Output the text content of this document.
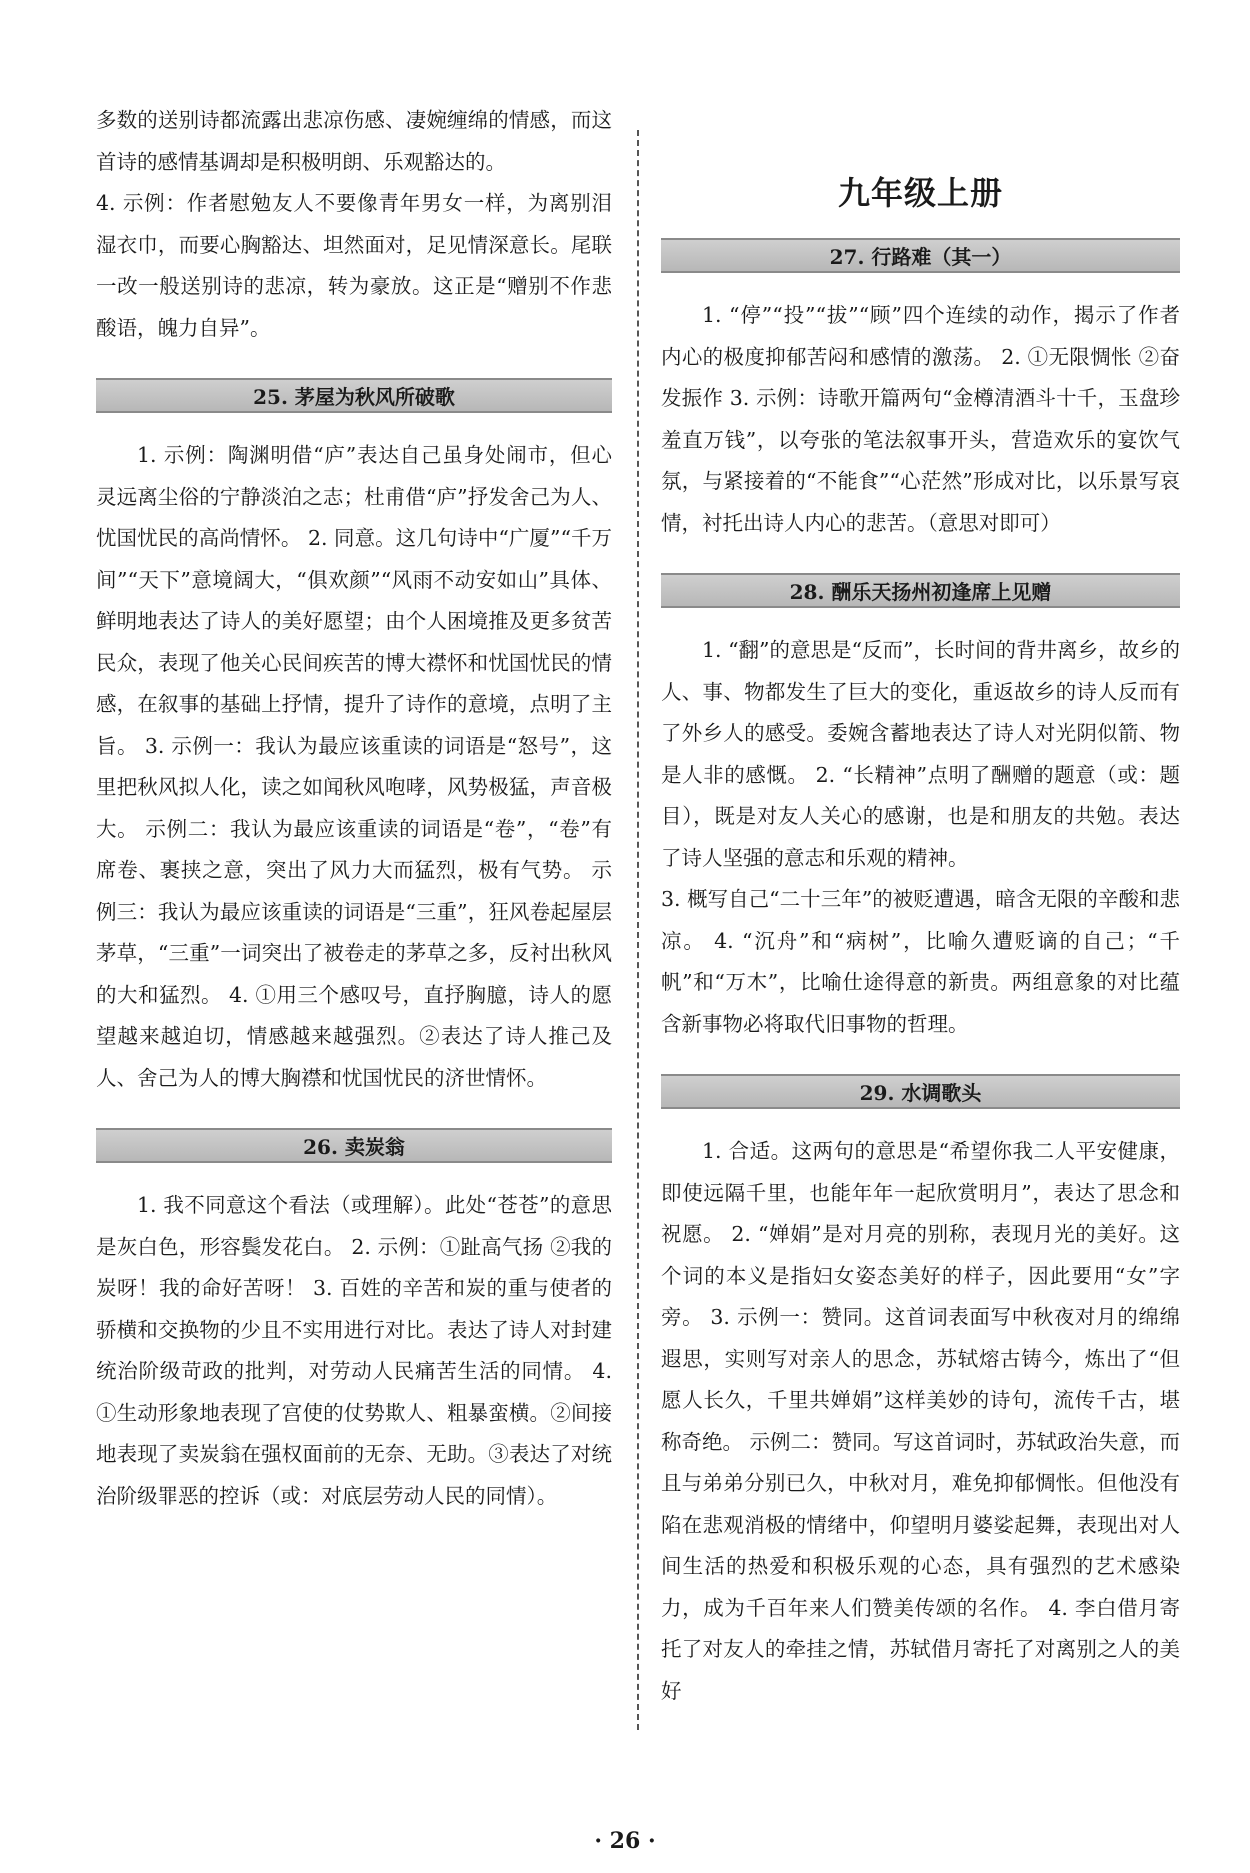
多数的送别诗都流露出悲凉伤感、凄婉缠绵的情感，而这首诗的感情基调却是积极明朗、乐观豁达的。

4. 示例：作者慰勉友人不要像青年男女一样，为离别泪湿衣巾，而要心胸豁达、坦然面对，足见情深意长。尾联一改一般送别诗的悲凉，转为豪放。这正是“赠别不作悲酸语，魄力自异”。

25. 茅屋为秋风所破歌

1. 示例：陶渊明借“庐”表达自己虽身处闹市，但心灵远离尘俗的宁静淡泊之志；杜甫借“庐”抒发舍己为人、忧国忧民的高尚情怀。 2. 同意。这几句诗中“广厦”“千万间”“天下”意境阔大，“俱欢颜”“风雨不动安如山”具体、鲜明地表达了诗人的美好愿望；由个人困境推及更多贫苦民众，表现了他关心民间疾苦的博大襟怀和忧国忧民的情感，在叙事的基础上抒情，提升了诗作的意境，点明了主旨。 3. 示例一：我认为最应该重读的词语是“怒号”，这里把秋风拟人化，读之如闻秋风咆哮，风势极猛，声音极大。 示例二：我认为最应该重读的词语是“卷”，“卷”有席卷、裹挟之意，突出了风力大而猛烈，极有气势。 示例三：我认为最应该重读的词语是“三重”，狂风卷起屋层茅草，“三重”一词突出了被卷走的茅草之多，反衬出秋风的大和猛烈。 4. ①用三个感叹号，直抒胸臆，诗人的愿望越来越迫切，情感越来越强烈。②表达了诗人推己及人、舍己为人的博大胸襟和忧国忧民的济世情怀。

26. 卖炭翁

1. 我不同意这个看法（或理解）。此处“苍苍”的意思是灰白色，形容鬓发花白。 2. 示例：①趾高气扬 ②我的炭呀！我的命好苦呀！ 3. 百姓的辛苦和炭的重与使者的骄横和交换物的少且不实用进行对比。表达了诗人对封建统治阶级苛政的批判，对劳动人民痛苦生活的同情。 4. ①生动形象地表现了宫使的仗势欺人、粗暴蛮横。②间接地表现了卖炭翁在强权面前的无奈、无助。③表达了对统治阶级罪恶的控诉（或：对底层劳动人民的同情）。

九年级上册
27. 行路难（其一）

1. “停”“投”“拔”“顾”四个连续的动作，揭示了作者内心的极度抑郁苦闷和感情的激荡。 2. ①无限惆怅 ②奋发振作 3. 示例：诗歌开篇两句“金樽清酒斗十千，玉盘珍羞直万钱”，以夸张的笔法叙事开头，营造欢乐的宴饮气氛，与紧接着的“不能食”“心茫然”形成对比，以乐景写哀情，衬托出诗人内心的悲苦。（意思对即可）

28. 酬乐天扬州初逢席上见赠

1. “翻”的意思是“反而”，长时间的背井离乡，故乡的人、事、物都发生了巨大的变化，重返故乡的诗人反而有了外乡人的感受。委婉含蓄地表达了诗人对光阴似箭、物是人非的感慨。 2. “长精神”点明了酬赠的题意（或：题目），既是对友人关心的感谢，也是和朋友的共勉。表达了诗人坚强的意志和乐观的精神。

3. 概写自己“二十三年”的被贬遭遇，暗含无限的辛酸和悲凉。 4. “沉舟”和“病树”，比喻久遭贬谪的自己；“千帆”和“万木”，比喻仕途得意的新贵。两组意象的对比蕴含新事物必将取代旧事物的哲理。

29. 水调歌头

1. 合适。这两句的意思是“希望你我二人平安健康，即使远隔千里，也能年年一起欣赏明月”，表达了思念和祝愿。 2. “婵娟”是对月亮的别称，表现月光的美好。这个词的本义是指妇女姿态美好的样子，因此要用“女”字旁。 3. 示例一：赞同。这首词表面写中秋夜对月的绵绵遐思，实则写对亲人的思念，苏轼熔古铸今，炼出了“但愿人长久，千里共婵娟”这样美妙的诗句，流传千古，堪称奇绝。 示例二：赞同。写这首词时，苏轼政治失意，而且与弟弟分别已久，中秋对月，难免抑郁惆怅。但他没有陷在悲观消极的情绪中，仰望明月婆娑起舞，表现出对人间生活的热爱和积极乐观的心态，具有强烈的艺术感染力，成为千百年来人们赞美传颂的名作。 4. 李白借月寄托了对友人的牵挂之情，苏轼借月寄托了对离别之人的美好

· 26 ·
